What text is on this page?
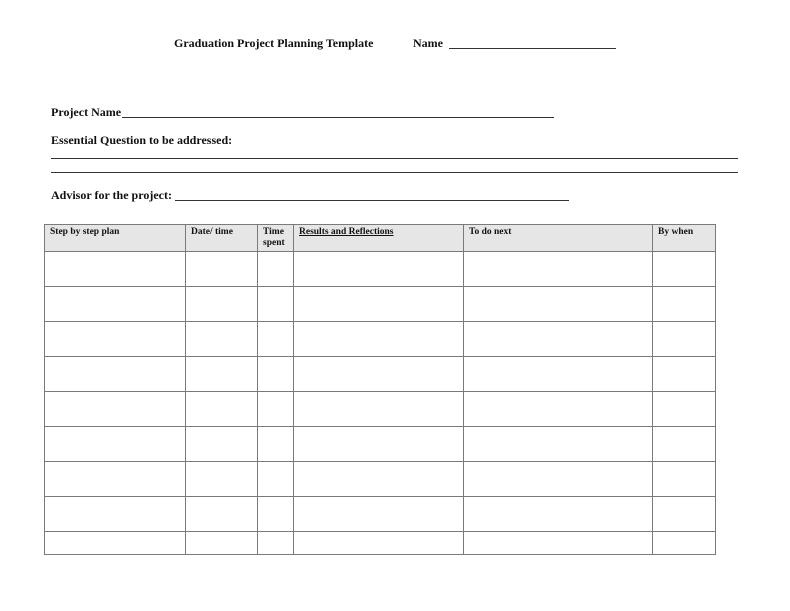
Graduation Project Planning Template	Name
Project Name
Essential Question to be addressed:
Advisor for the project:
Step by step plan	Date/ time	Time spent	Results and Reflections	To do next	By when
